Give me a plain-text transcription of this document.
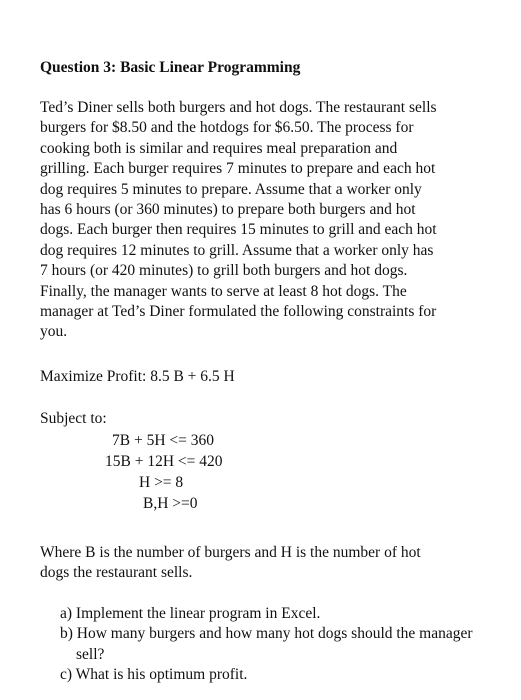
Question 3: Basic Linear Programming

Ted’s Diner sells both burgers and hot dogs. The restaurant sells
burgers for $8.50 and the hotdogs for $6.50. The process for
cooking both is similar and requires meal preparation and
grilling. Each burger requires 7 minutes to prepare and each hot
dog requires 5 minutes to prepare. Assume that a worker only
has 6 hours (or 360 minutes) to prepare both burgers and hot
dogs. Each burger then requires 15 minutes to grill and each hot
dog requires 12 minutes to grill. Assume that a worker only has
7 hours (or 420 minutes) to grill both burgers and hot dogs.
Finally, the manager wants to serve at least 8 hot dogs. The
manager at Ted’s Diner formulated the following constraints for
you.

Maximize Profit: 8.5 B + 6.5 H

Subject to:

7B + 5H <= 360
15B + 12H <= 420
H >= 8
B,H >=0
Where B is the number of burgers and H is the number of hot
dogs the restaurant sells.
a) Implement the linear program in Excel.
b) How many burgers and how many hot dogs should the manager sell?
c) What is his optimum profit.
